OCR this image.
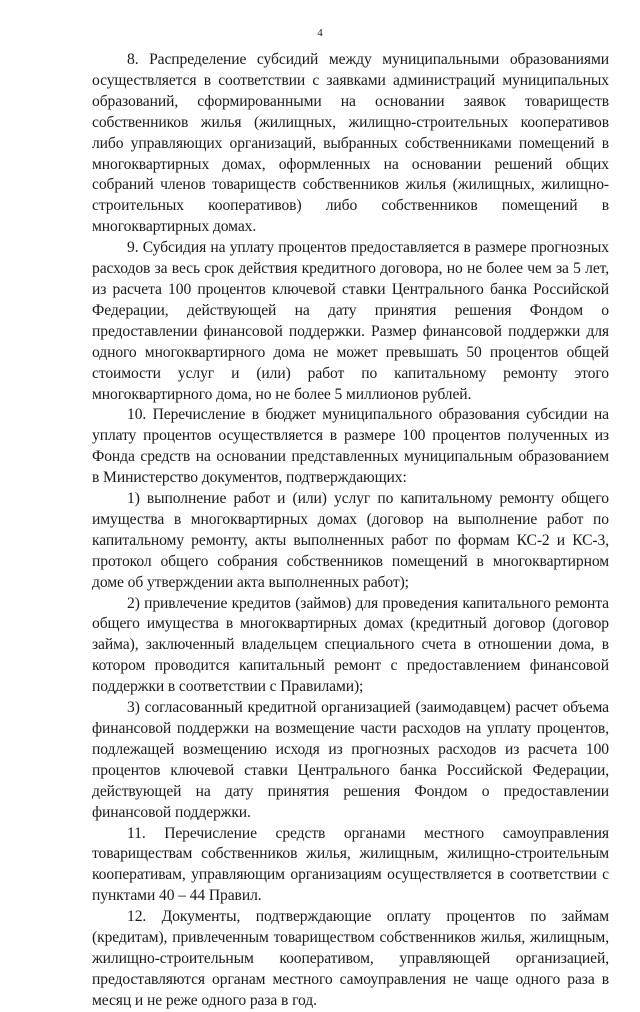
4

8. Распределение субсидий между муниципальными образованиями осуществляется в соответствии с заявками администраций муниципальных образований, сформированными на основании заявок товариществ собственников жилья (жилищных, жилищно-строительных кооперативов либо управляющих организаций, выбранных собственниками помещений в многоквартирных домах, оформленных на основании решений общих собраний членов товариществ собственников жилья (жилищных, жилищно-строительных кооперативов) либо собственников помещений в многоквартирных домах.

9. Субсидия на уплату процентов предоставляется в размере прогнозных расходов за весь срок действия кредитного договора, но не более чем за 5 лет, из расчета 100 процентов ключевой ставки Центрального банка Российской Федерации, действующей на дату принятия решения Фондом о предоставлении финансовой поддержки. Размер финансовой поддержки для одного многоквартирного дома не может превышать 50 процентов общей стоимости услуг и (или) работ по капитальному ремонту этого многоквартирного дома, но не более 5 миллионов рублей.

10. Перечисление в бюджет муниципального образования субсидии на уплату процентов осуществляется в размере 100 процентов полученных из Фонда средств на основании представленных муниципальным образованием в Министерство документов, подтверждающих:

1) выполнение работ и (или) услуг по капитальному ремонту общего имущества в многоквартирных домах (договор на выполнение работ по капитальному ремонту, акты выполненных работ по формам КС-2 и КС-3, протокол общего собрания собственников помещений в многоквартирном доме об утверждении акта выполненных работ);

2) привлечение кредитов (займов) для проведения капитального ремонта общего имущества в многоквартирных домах (кредитный договор (договор займа), заключенный владельцем специального счета в отношении дома, в котором проводится капитальный ремонт с предоставлением финансовой поддержки в соответствии с Правилами);

3) согласованный кредитной организацией (заимодавцем) расчет объема финансовой поддержки на возмещение части расходов на уплату процентов, подлежащей возмещению исходя из прогнозных расходов из расчета 100 процентов ключевой ставки Центрального банка Российской Федерации, действующей на дату принятия решения Фондом о предоставлении финансовой поддержки.

11. Перечисление средств органами местного самоуправления товариществам собственников жилья, жилищным, жилищно-строительным кооперативам, управляющим организациям осуществляется в соответствии с пунктами 40 – 44 Правил.

12. Документы, подтверждающие оплату процентов по займам (кредитам), привлеченным товариществом собственников жилья, жилищным, жилищно-строительным кооперативом, управляющей организацией, предоставляются органам местного самоуправления не чаще одного раза в месяц и не реже одного раза в год.
